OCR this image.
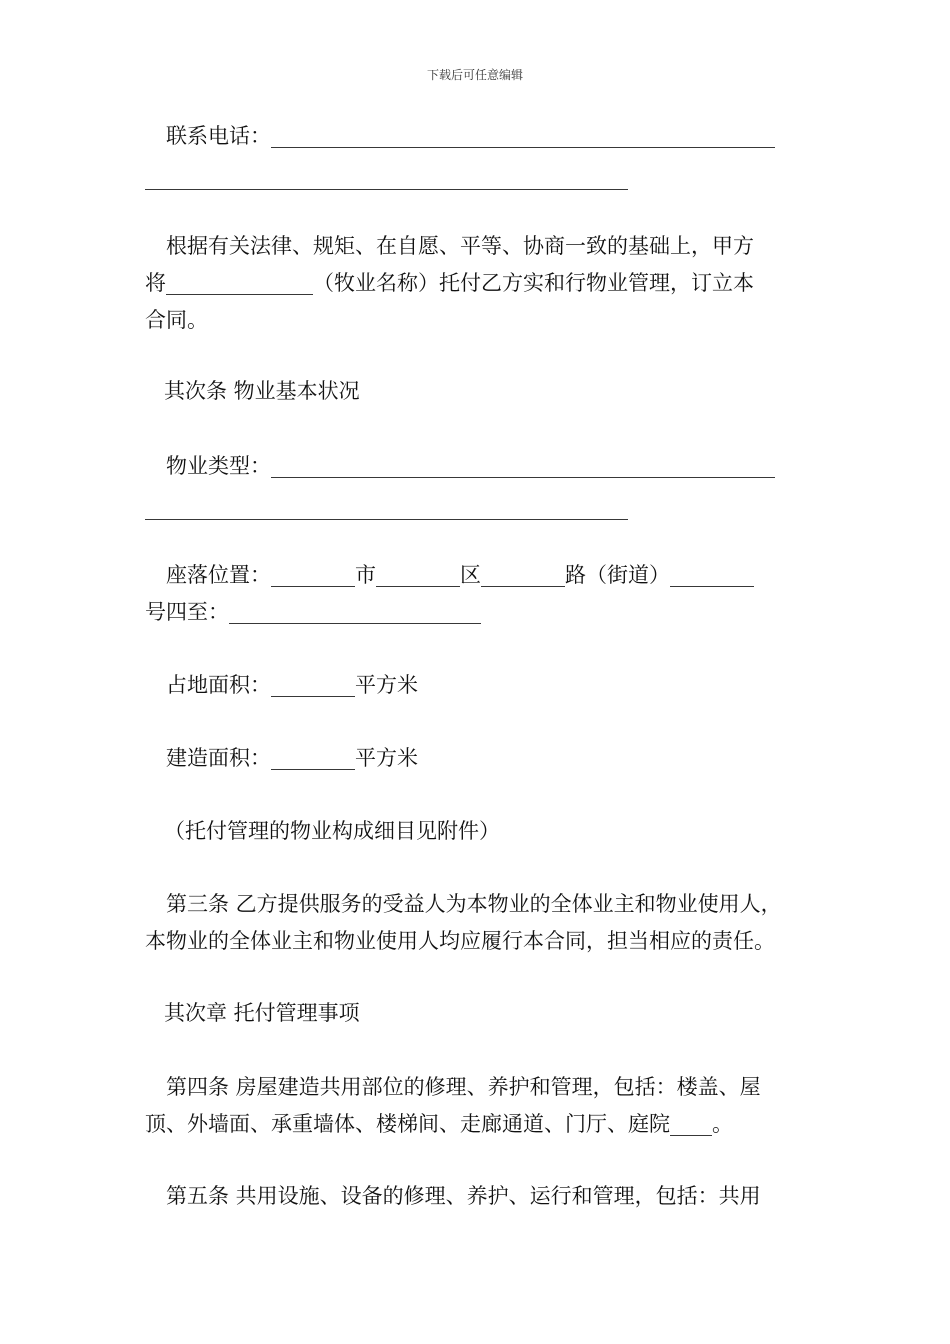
下载后可任意编辑
联系电话：________________________________________________
______________________________________________
根据有关法律、规矩、在自愿、平等、协商一致的基础上，甲方
将______________（牧业名称）托付乙方实和行物业管理，订立本
合同。
其次条 物业基本状况
物业类型：________________________________________________
______________________________________________
座落位置：________市________区________路（街道）________
号四至：________________________
占地面积：________平方米
建造面积：________平方米
（托付管理的物业构成细目见附件）
第三条 乙方提供服务的受益人为本物业的全体业主和物业使用人，
本物业的全体业主和物业使用人均应履行本合同，担当相应的责任。
其次章 托付管理事项
第四条 房屋建造共用部位的修理、养护和管理，包括：楼盖、屋
顶、外墙面、承重墙体、楼梯间、走廊通道、门厅、庭院____。
第五条 共用设施、设备的修理、养护、运行和管理，包括：共用
